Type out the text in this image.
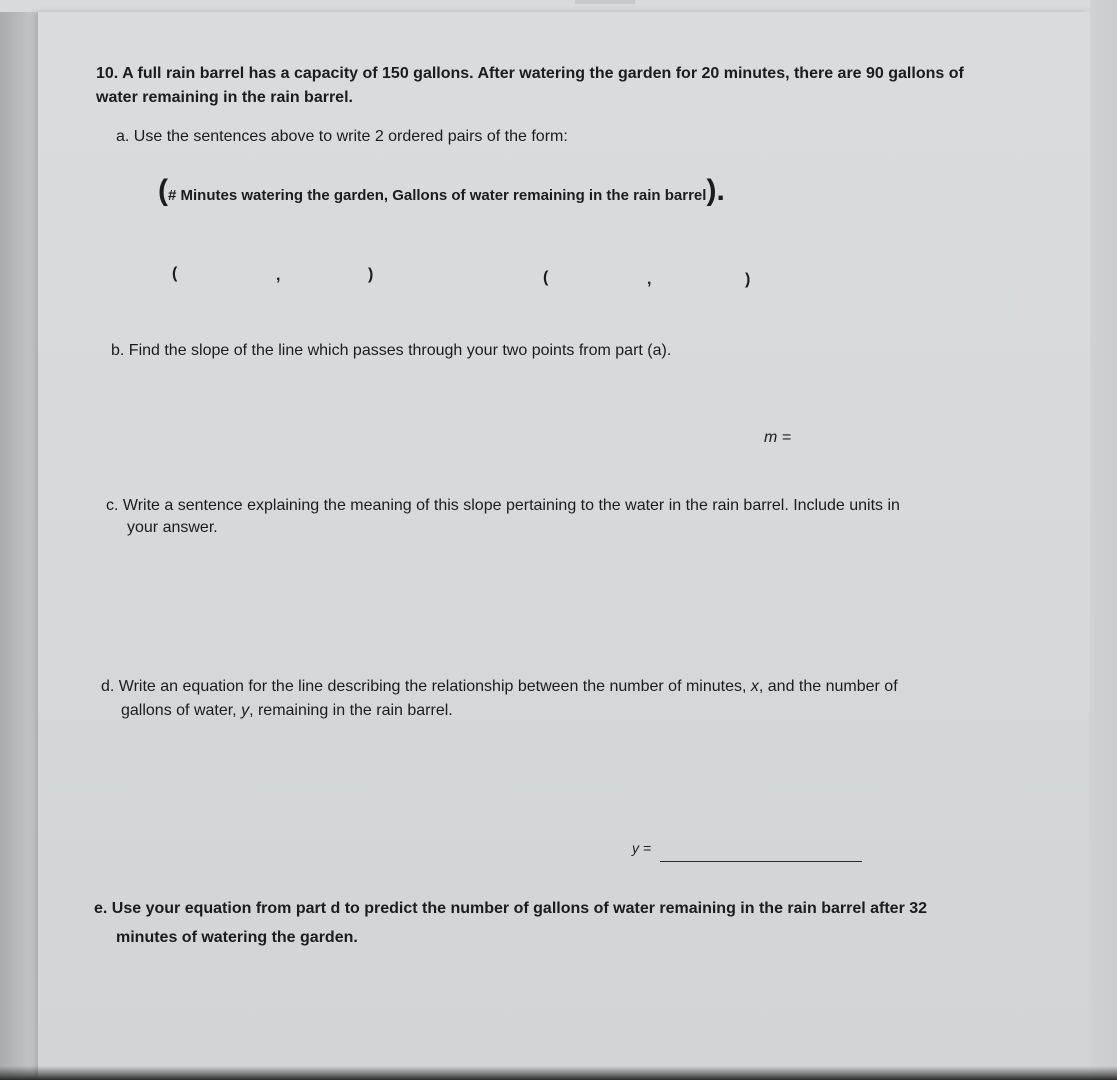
10. A full rain barrel has a capacity of 150 gallons. After watering the garden for 20 minutes, there are 90 gallons of
water remaining in the rain barrel.
a. Use the sentences above to write 2 ordered pairs of the form:
(# Minutes watering the garden, Gallons of water remaining in the rain barrel).
(	,	)	(	,	)
b. Find the slope of the line which passes through your two points from part (a).
m =
c. Write a sentence explaining the meaning of this slope pertaining to the water in the rain barrel. Include units in
your answer.
d. Write an equation for the line describing the relationship between the number of minutes, x, and the number of
gallons of water, y, remaining in the rain barrel.
y =
e. Use your equation from part d to predict the number of gallons of water remaining in the rain barrel after 32
minutes of watering the garden.
